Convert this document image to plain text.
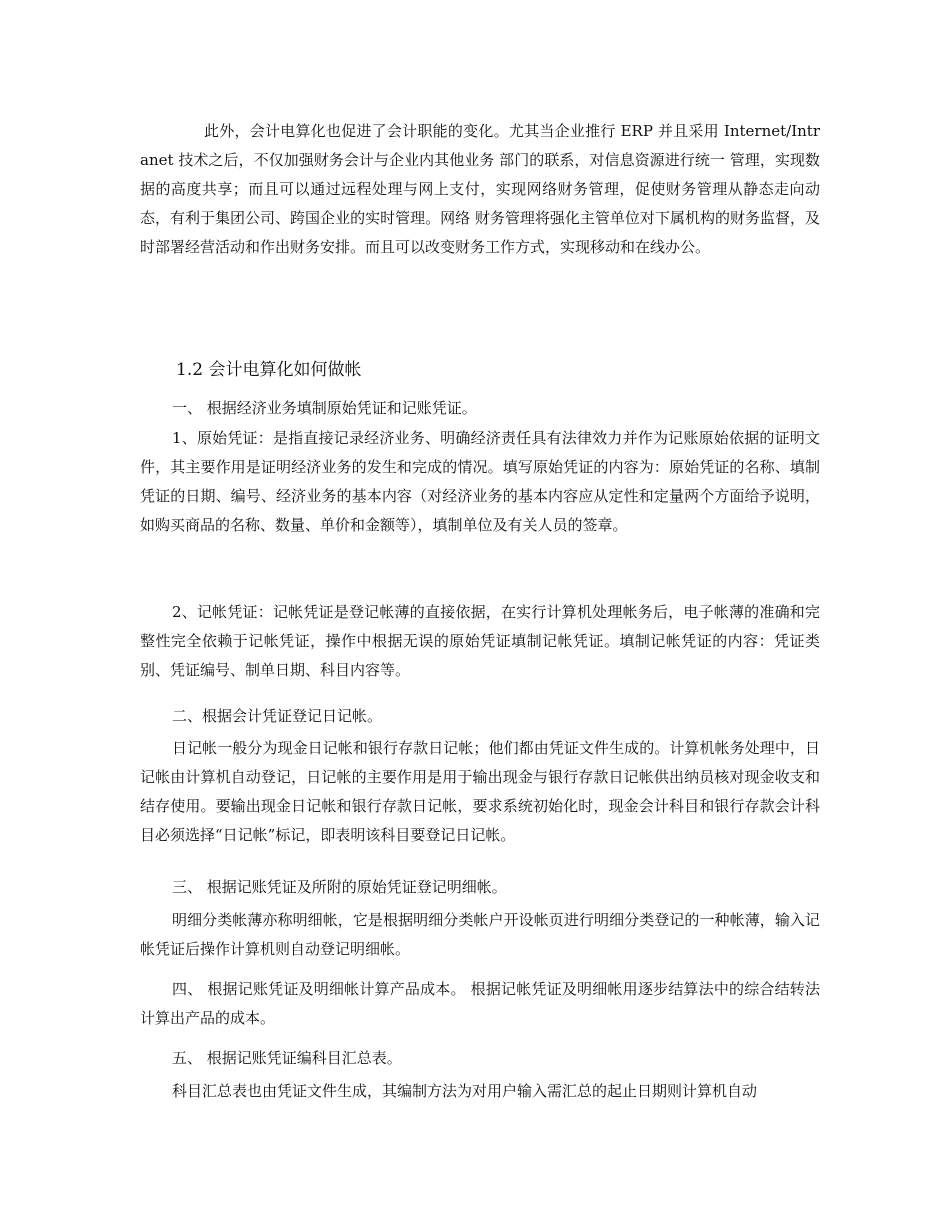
此外，会计电算化也促进了会计职能的变化。尤其当企业推行 ERP 并且采用 Internet/Intranet 技术之后，不仅加强财务会计与企业内其他业务 部门的联系，对信息资源进行统一 管理，实现数据的高度共享；而且可以通过远程处理与网上支付，实现网络财务管理，促使财务管理从静态走向动态，有利于集团公司、跨国企业的实时管理。网络 财务管理将强化主管单位对下属机构的财务监督，及时部署经营活动和作出财务安排。而且可以改变财务工作方式，实现移动和在线办公。

1.2 会计电算化如何做帐
一、 根据经济业务填制原始凭证和记账凭证。

1、原始凭证：是指直接记录经济业务、明确经济责任具有法律效力并作为记账原始依据的证明文件，其主要作用是证明经济业务的发生和完成的情况。填写原始凭证的内容为：原始凭证的名称、填制凭证的日期、编号、经济业务的基本内容（对经济业务的基本内容应从定性和定量两个方面给予说明，如购买商品的名称、数量、单价和金额等），填制单位及有关人员的签章。

2、记帐凭证：记帐凭证是登记帐薄的直接依据，在实行计算机处理帐务后，电子帐薄的准确和完整性完全依赖于记帐凭证，操作中根据无误的原始凭证填制记帐凭证。填制记帐凭证的内容：凭证类别、凭证编号、制单日期、科目内容等。

二、根据会计凭证登记日记帐。

日记帐一般分为现金日记帐和银行存款日记帐；他们都由凭证文件生成的。计算机帐务处理中，日记帐由计算机自动登记，日记帐的主要作用是用于输出现金与银行存款日记帐供出纳员核对现金收支和结存使用。要输出现金日记帐和银行存款日记帐，要求系统初始化时，现金会计科目和银行存款会计科目必须选择“日记帐”标记，即表明该科目要登记日记帐。

三、 根据记账凭证及所附的原始凭证登记明细帐。

明细分类帐薄亦称明细帐，它是根据明细分类帐户开设帐页进行明细分类登记的一种帐薄，输入记帐凭证后操作计算机则自动登记明细帐。

四、 根据记账凭证及明细帐计算产品成本。 根据记帐凭证及明细帐用逐步结算法中的综合结转法计算出产品的成本。

五、 根据记账凭证编科目汇总表。

科目汇总表也由凭证文件生成，其编制方法为对用户输入需汇总的起止日期则计算机自动
